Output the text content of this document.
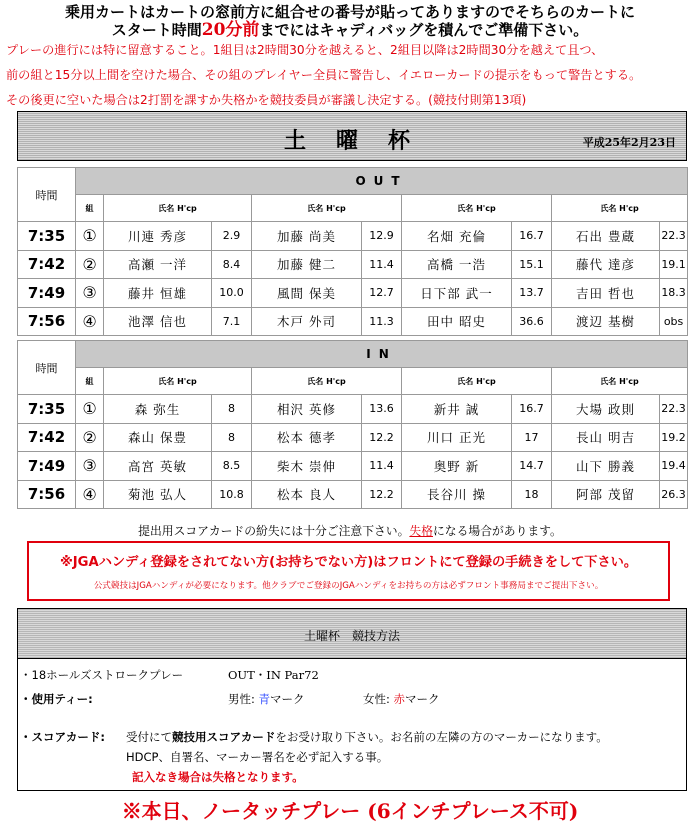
乗用カートはカートの窓前方に組合せの番号が貼ってありますのでそちらのカートに
スタート時間20分前までにはキャディバッグを積んでご準備下さい。
プレーの進行には特に留意すること。1組目は2時間30分を越えると、2組目以降は2時間30分を越えて且つ、
前の組と15分以上間を空けた場合、その組のプレイヤー全員に警告し、イエローカードの提示をもって警告とする。
その後更に空いた場合は2打罰を課すか失格かを競技委員が審議し決定する。(競技付則第13項)
土曜杯	平成25年2月23日
時間	OUT								
	組	氏名 H'cp		氏名 H'cp		氏名 H'cp		氏名 H'cp	
7:35	①	川連 秀彦	2.9	加藤 尚美	12.9	名畑 充倫	16.7	石出 豊蔵	22.3
7:42	②	高瀬 一洋	8.4	加藤 健二	11.4	高橋 一浩	15.1	藤代 達彦	19.1
7:49	③	藤井 恒雄	10.0	風間 保美	12.7	日下部 武一	13.7	吉田 哲也	18.3
7:56	④	池澤 信也	7.1	木戸 外司	11.3	田中 昭史	36.6	渡辺 基樹	obs
時間	IN								
	組	氏名 H'cp		氏名 H'cp		氏名 H'cp		氏名 H'cp	
7:35	①	森 弥生	8	相沢 英修	13.6	新井 誠	16.7	大場 政則	22.3
7:42	②	森山 保豊	8	松本 德孝	12.2	川口 正光	17	長山 明吉	19.2
7:49	③	高宮 英敏	8.5	柴木 崇伸	11.4	奥野 新	14.7	山下 勝義	19.4
7:56	④	菊池 弘人	10.8	松本 良人	12.2	長谷川 操	18	阿部 茂留	26.3
提出用スコアカードの紛失には十分ご注意下さい。失格になる場合があります。
※JGAハンディ登録をされてない方(お持ちでない方)はフロントにて登録の手続きをして下さい。
公式競技はJGAハンディが必要になります。他クラブでご登録のJGAハンディをお持ちの方は必ずフロント事務局までご提出下さい。
土曜杯　競技方法
・18ホールズストロークプレー	OUT・IN Par72
・使用ティー:	男性: 青マーク	女性: 赤マーク
・スコアカード: 受付にて競技用スコアカードをお受け取り下さい。お名前の左隣の方のマーカーになります。
HDCP、自署名、マーカー署名を必ず記入する事。
記入なき場合は失格となります。
※本日、ノータッチプレー (6インチプレース不可)
